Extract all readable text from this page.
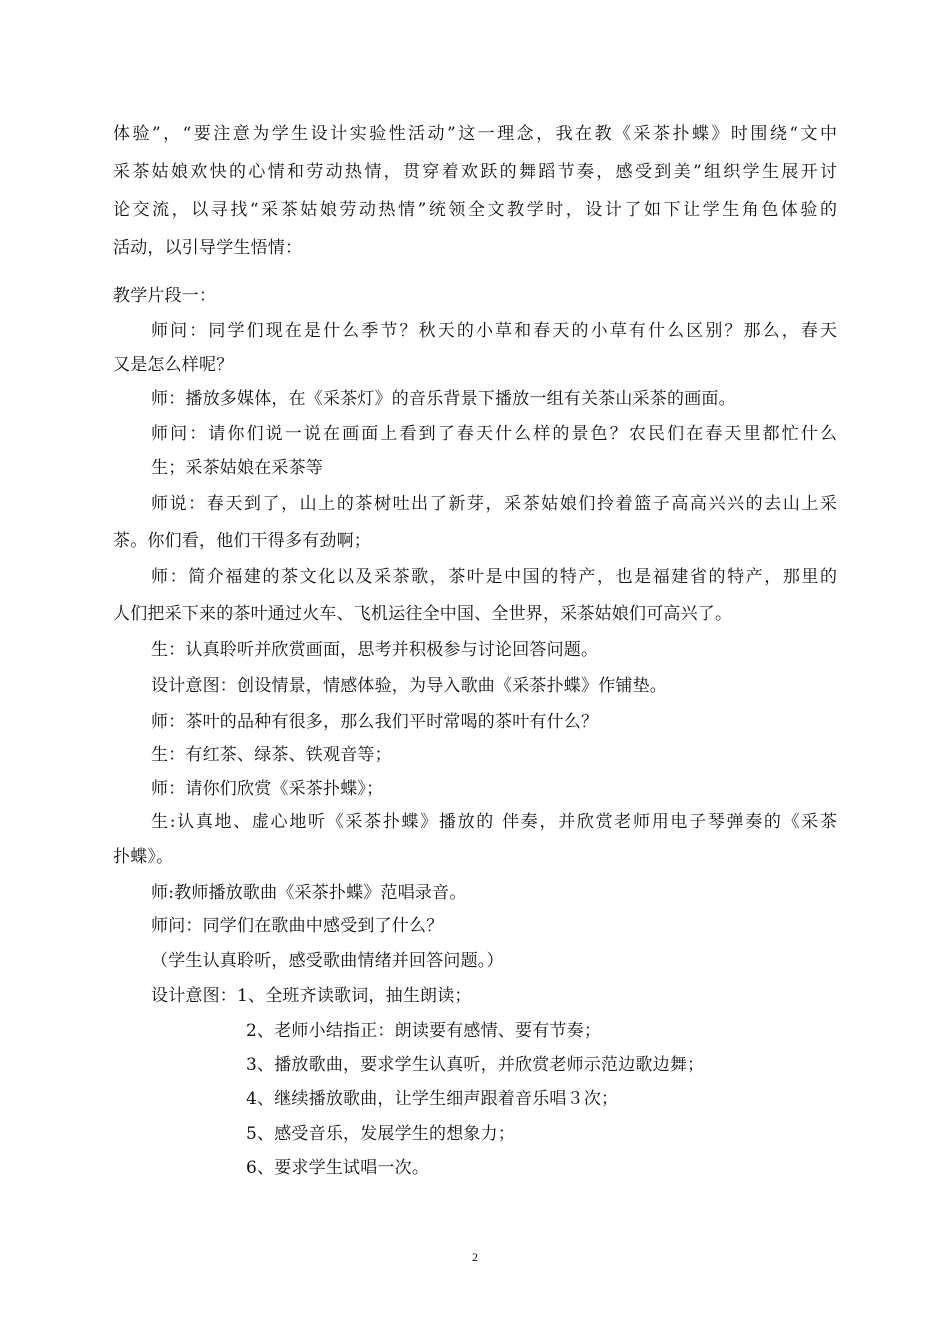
体验”，“要注意为学生设计实验性活动”这一理念，我在教《采茶扑蝶》时围绕“文中
采茶姑娘欢快的心情和劳动热情，贯穿着欢跃的舞蹈节奏，感受到美”组织学生展开讨
论交流，以寻找“采茶姑娘劳动热情”统领全文教学时，设计了如下让学生角色体验的
活动，以引导学生悟情：
教学片段一：
师问：同学们现在是什么季节？秋天的小草和春天的小草有什么区别？那么，春天
又是怎么样呢？
师：播放多媒体，在《采茶灯》的音乐背景下播放一组有关茶山采茶的画面。
师问：请你们说一说在画面上看到了春天什么样的景色？农民们在春天里都忙什么
生；采茶姑娘在采茶等
师说：春天到了，山上的茶树吐出了新芽，采茶姑娘们拎着篮子高高兴兴的去山上采
茶。你们看，他们干得多有劲啊；
师：简介福建的茶文化以及采茶歌，茶叶是中国的特产，也是福建省的特产，那里的
人们把采下来的茶叶通过火车、飞机运往全中国、全世界，采茶姑娘们可高兴了。
生：认真聆听并欣赏画面，思考并积极参与讨论回答问题。
设计意图：创设情景，情感体验，为导入歌曲《采茶扑蝶》作铺垫。
师：茶叶的品种有很多，那么我们平时常喝的茶叶有什么？
生：有红茶、绿茶、铁观音等；
师：请你们欣赏《采茶扑蝶》；
生:认真地、虚心地听《采茶扑蝶》播放的 伴奏，并欣赏老师用电子琴弹奏的《采茶
扑蝶》。
师:教师播放歌曲《采茶扑蝶》范唱录音。
师问：同学们在歌曲中感受到了什么？
（学生认真聆听，感受歌曲情绪并回答问题。）
设计意图：1、全班齐读歌词，抽生朗读；
2、老师小结指正：朗读要有感情、要有节奏；
3、播放歌曲，要求学生认真听，并欣赏老师示范边歌边舞；
4、继续播放歌曲，让学生细声跟着音乐唱３次；
5、感受音乐，发展学生的想象力；
6、要求学生试唱一次。
2
